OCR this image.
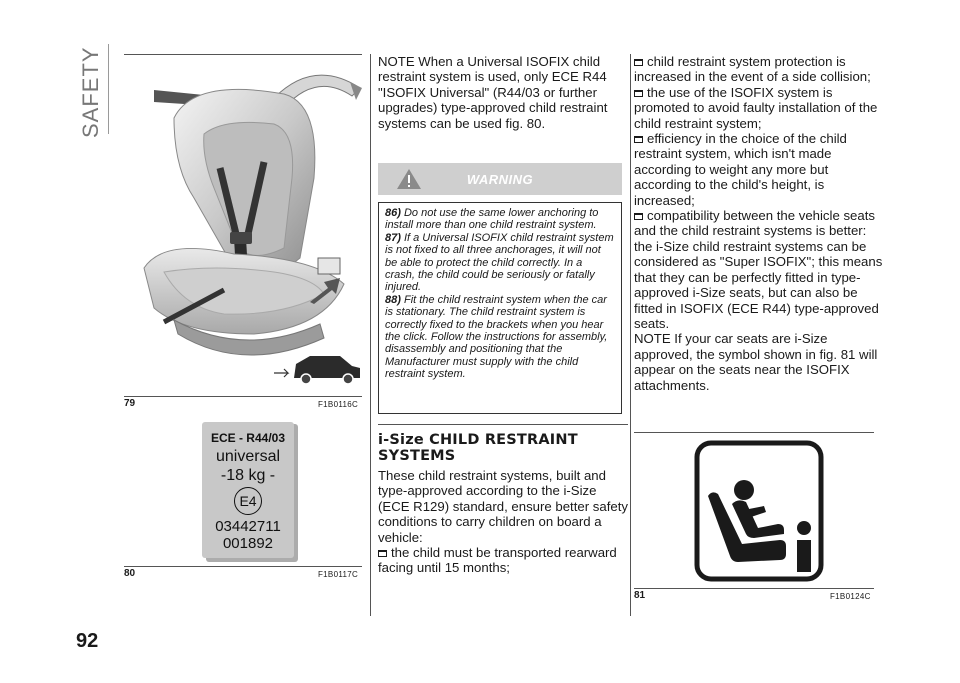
SAFETY
92
79	F1B0116C
ECE - R44/03
universal
-18 kg -
E4
03442711
001892
80	F1B0117C
NOTE When a Universal ISOFIX child restraint system is used, only ECE R44 "ISOFIX Universal" (R44/03 or further upgrades) type-approved child restraint systems can be used fig. 80.
WARNING

86) Do not use the same lower anchoring to install more than one child restraint system.

87) If a Universal ISOFIX child restraint system is not fixed to all three anchorages, it will not be able to protect the child correctly. In a crash, the child could be seriously or fatally injured.

88) Fit the child restraint system when the car is stationary. The child restraint system is correctly fixed to the brackets when you hear the click. Follow the instructions for assembly, disassembly and positioning that the Manufacturer must supply with the child restraint system.

i-Size CHILD RESTRAINT SYSTEMS

These child restraint systems, built and type-approved according to the i-Size (ECE R129) standard, ensure better safety conditions to carry children on board a vehicle:

the child must be transported rearward facing until 15 months;

child restraint system protection is increased in the event of a side collision;

the use of the ISOFIX system is promoted to avoid faulty installation of the child restraint system;

efficiency in the choice of the child restraint system, which isn't made according to weight any more but according to the child's height, is increased;

compatibility between the vehicle seats and the child restraint systems is better: the i-Size child restraint systems can be considered as "Super ISOFIX"; this means that they can be perfectly fitted in type-approved i-Size seats, but can also be fitted in ISOFIX (ECE R44) type-approved seats.

NOTE If your car seats are i-Size approved, the symbol shown in fig. 81 will appear on the seats near the ISOFIX attachments.

81	F1B0124C
